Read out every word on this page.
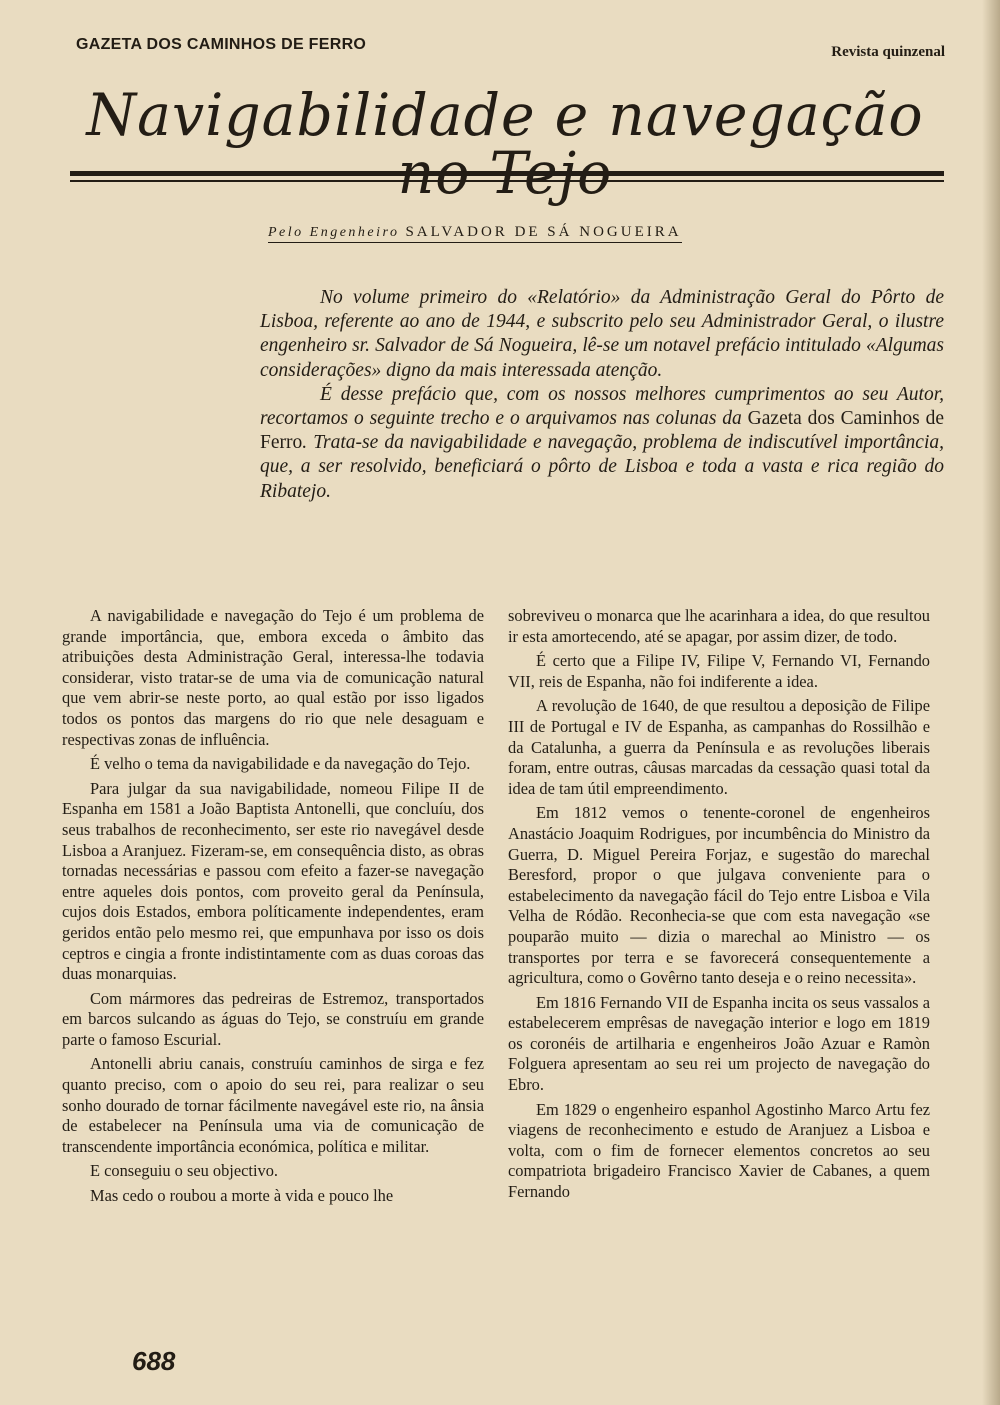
GAZETA DOS CAMINHOS DE FERRO	Revista quinzenal
Navigabilidade e navegação
Pelo Engenheiro SALVADOR DE SÁ NOGUEIRA

No volume primeiro do «Relatório» da Administração Geral do Pôrto de Lisboa, referente ao ano de 1944, e subscrito pelo seu Administrador Geral, o ilustre engenheiro sr. Salvador de Sá Nogueira, lê-se um notavel prefácio intitulado «Algumas considerações» digno da mais interessada atenção.

É desse prefácio que, com os nossos melhores cumprimentos ao seu Autor, recortamos o seguinte trecho e o arquivamos nas colunas da Gazeta dos Caminhos de Ferro. Trata-se da navigabilidade e navegação, problema de indiscutível importância, que, a ser resolvido, beneficiará o pôrto de Lisboa e toda a vasta e rica região do Ribatejo.

A navigabilidade e navegação do Tejo é um problema de grande importância, que, embora exceda o âmbito das atribuições desta Administração Geral, interessa-lhe todavia considerar, visto tratar-se de uma via de comunicação natural que vem abrir-se neste porto, ao qual estão por isso ligados todos os pontos das margens do rio que nele desaguam e respectivas zonas de influência.

É velho o tema da navigabilidade e da navegação do Tejo.

Para julgar da sua navigabilidade, nomeou Filipe II de Espanha em 1581 a João Baptista Antonelli, que concluíu, dos seus trabalhos de reconhecimento, ser este rio navegável desde Lisboa a Aranjuez. Fizeram-se, em consequência disto, as obras tornadas necessárias e passou com efeito a fazer-se navegação entre aqueles dois pontos, com proveito geral da Península, cujos dois Estados, embora políticamente independentes, eram geridos então pelo mesmo rei, que empunhava por isso os dois ceptros e cingia a fronte indistintamente com as duas coroas das duas monarquias.

Com mármores das pedreiras de Estremoz, transportados em barcos sulcando as águas do Tejo, se construíu em grande parte o famoso Escurial.

Antonelli abriu canais, construíu caminhos de sirga e fez quanto preciso, com o apoio do seu rei, para realizar o seu sonho dourado de tornar fácilmente navegável este rio, na ânsia de estabelecer na Península uma via de comunicação de transcendente importância económica, política e militar.

E conseguiu o seu objectivo.

Mas cedo o roubou a morte à vida e pouco lhe

sobreviveu o monarca que lhe acarinhara a idea, do que resultou ir esta amortecendo, até se apagar, por assim dizer, de todo.

É certo que a Filipe IV, Filipe V, Fernando VI, Fernando VII, reis de Espanha, não foi indiferente a idea.

A revolução de 1640, de que resultou a deposição de Filipe III de Portugal e IV de Espanha, as campanhas do Rossilhão e da Catalunha, a guerra da Península e as revoluções liberais foram, entre outras, câusas marcadas da cessação quasi total da idea de tam útil empreendimento.

Em 1812 vemos o tenente-coronel de engenheiros Anastácio Joaquim Rodrigues, por incumbência do Ministro da Guerra, D. Miguel Pereira Forjaz, e sugestão do marechal Beresford, propor o que julgava conveniente para o estabelecimento da navegação fácil do Tejo entre Lisboa e Vila Velha de Ródão. Reconhecia-se que com esta navegação «se pouparão muito — dizia o marechal ao Ministro — os transportes por terra e se favorecerá consequentemente a agricultura, como o Govêrno tanto deseja e o reino necessita».

Em 1816 Fernando VII de Espanha incita os seus vassalos a estabelecerem emprêsas de navegação interior e logo em 1819 os coronéis de artilharia e engenheiros João Azuar e Ramòn Folguera apresentam ao seu rei um projecto de navegação do Ebro.

Em 1829 o engenheiro espanhol Agostinho Marco Artu fez viagens de reconhecimento e estudo de Aranjuez a Lisboa e volta, com o fim de fornecer elementos concretos ao seu compatriota brigadeiro Francisco Xavier de Cabanes, a quem Fernando

688
